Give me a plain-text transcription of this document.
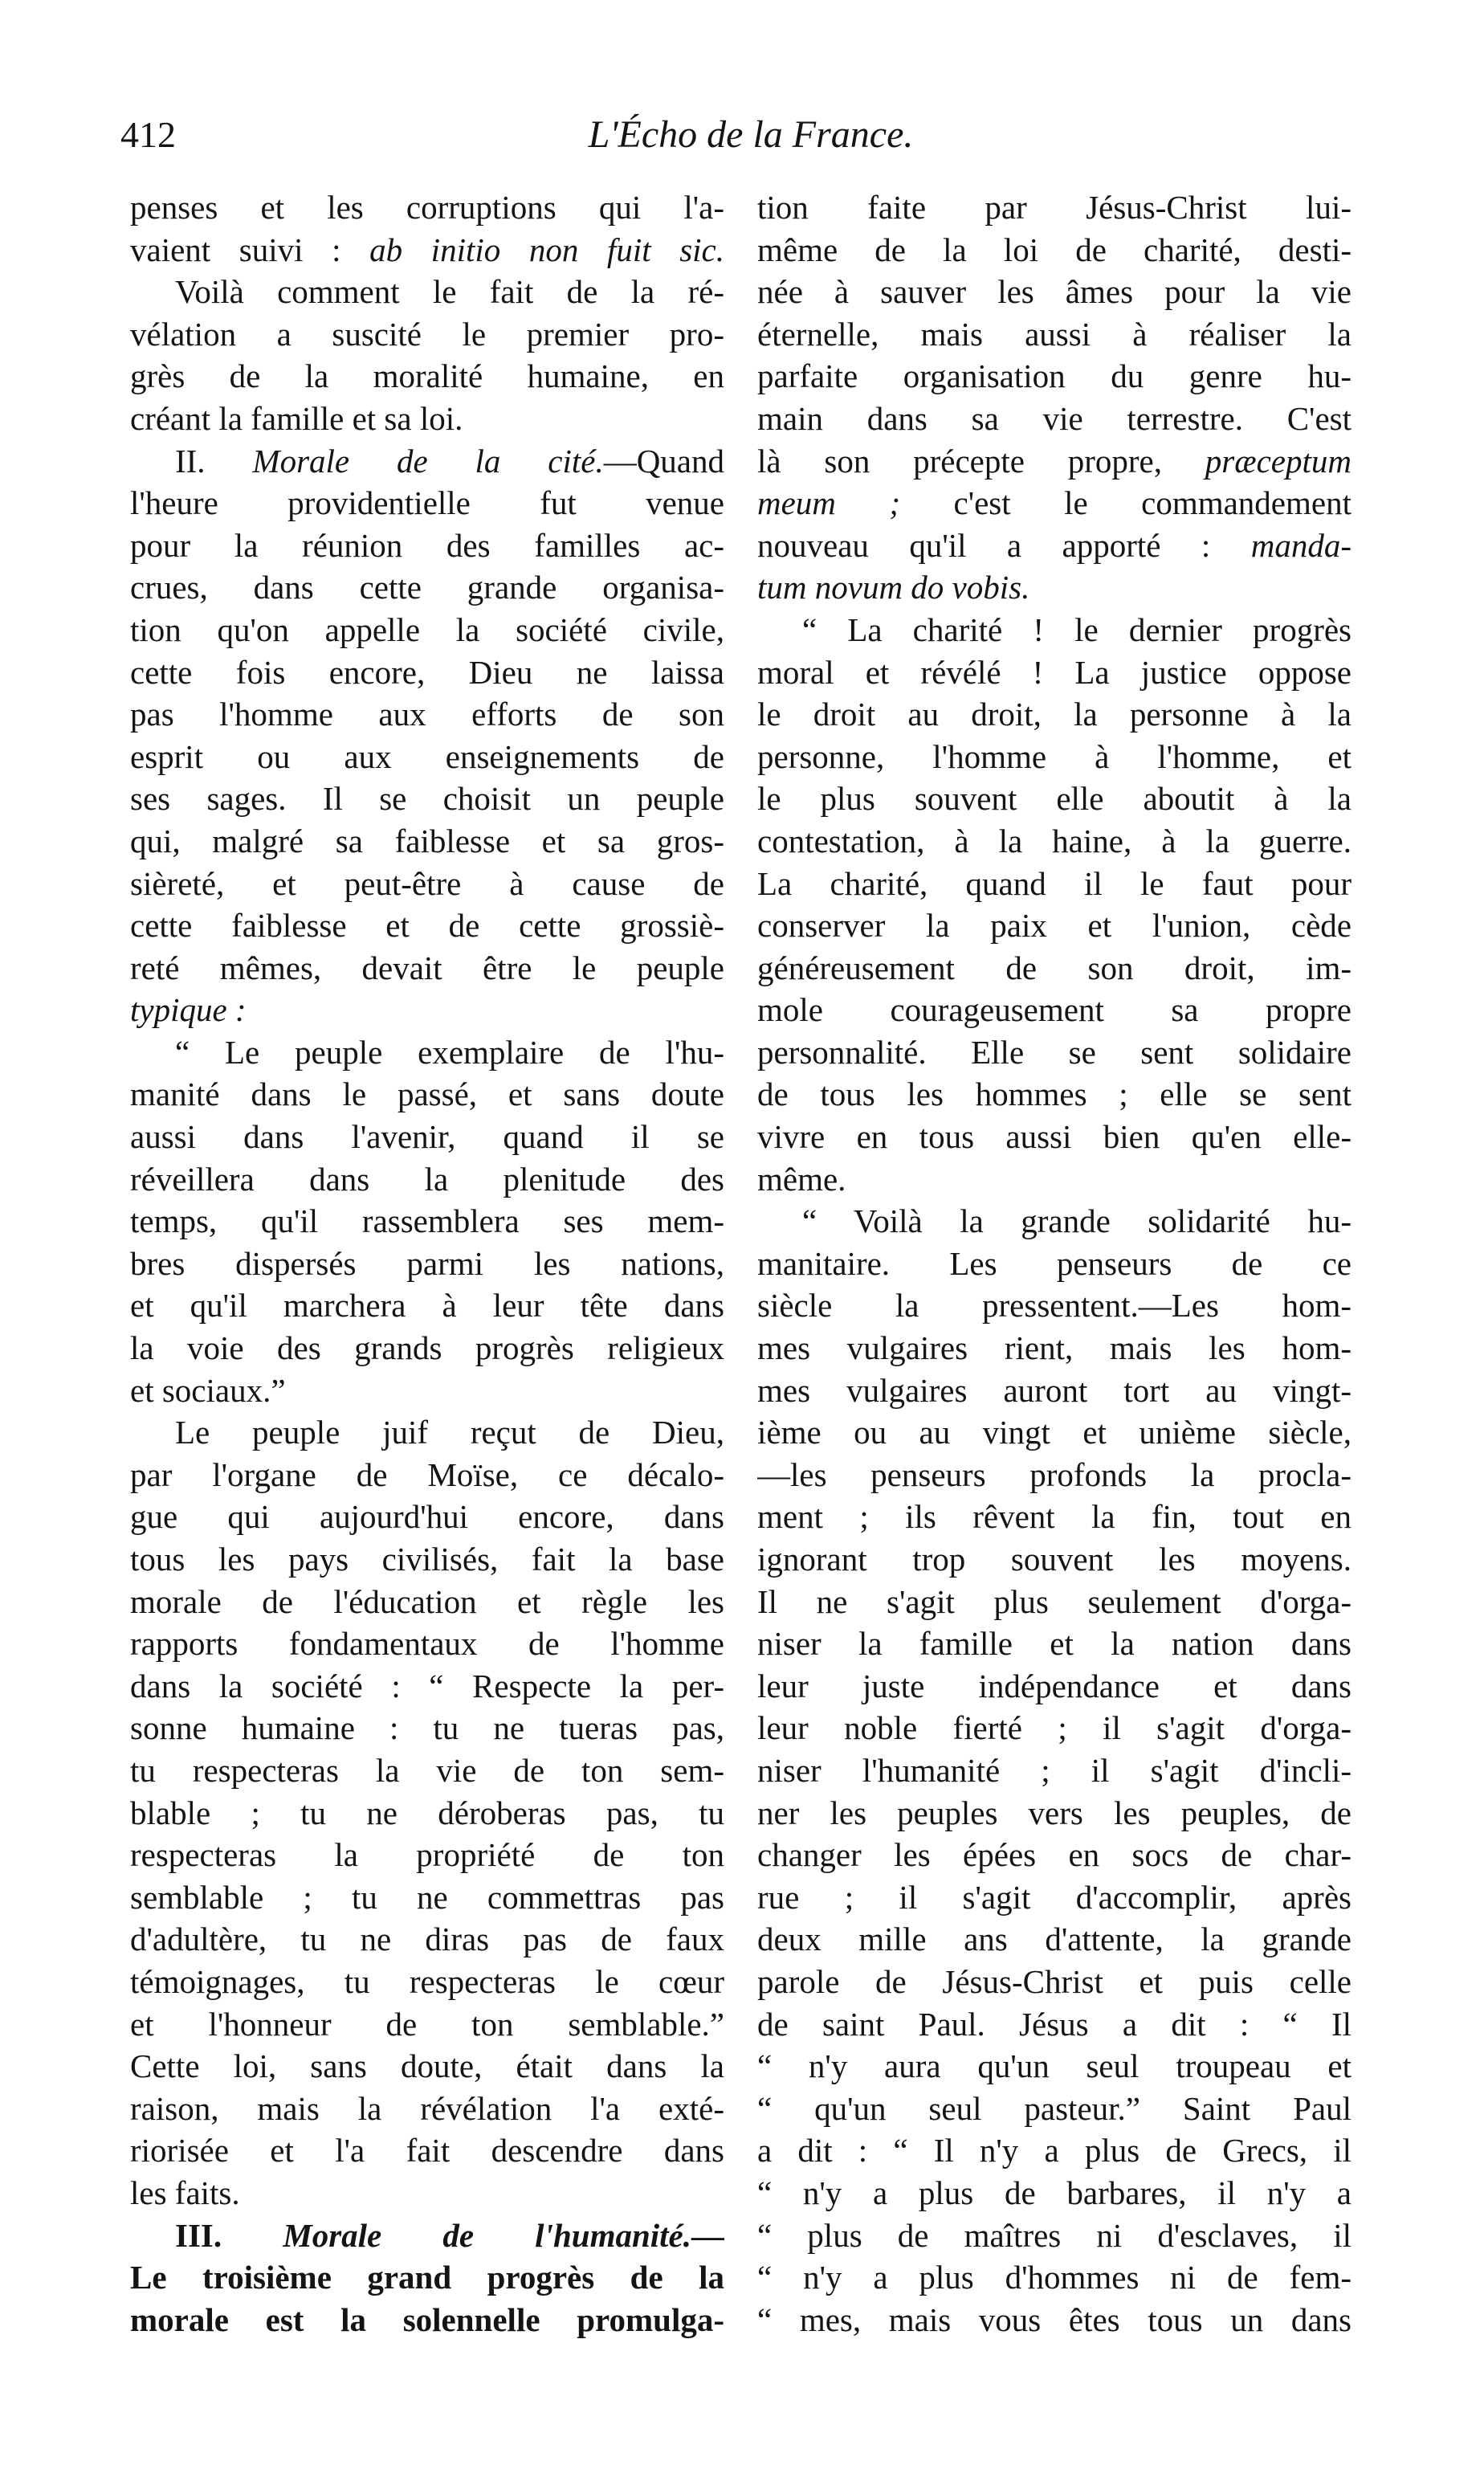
412	L'Écho de la France.
penses et les corruptions qui l'a-
vaient suivi : ab initio non fuit sic.
Voilà comment le fait de la ré-
vélation a suscité le premier pro-
grès de la moralité humaine, en
créant la famille et sa loi.
II. Morale de la cité.—Quand
l'heure providentielle fut venue
pour la réunion des familles ac-
crues, dans cette grande organisa-
tion qu'on appelle la société civile,
cette fois encore, Dieu ne laissa
pas l'homme aux efforts de son
esprit ou aux enseignements de
ses sages. Il se choisit un peuple
qui, malgré sa faiblesse et sa gros-
sièreté, et peut-être à cause de
cette faiblesse et de cette grossiè-
reté mêmes, devait être le peuple
typique :
“ Le peuple exemplaire de l'hu-
manité dans le passé, et sans doute
aussi dans l'avenir, quand il se
réveillera dans la plenitude des
temps, qu'il rassemblera ses mem-
bres dispersés parmi les nations,
et qu'il marchera à leur tête dans
la voie des grands progrès religieux
et sociaux.”
Le peuple juif reçut de Dieu,
par l'organe de Moïse, ce décalo-
gue qui aujourd'hui encore, dans
tous les pays civilisés, fait la base
morale de l'éducation et règle les
rapports fondamentaux de l'homme
dans la société : “ Respecte la per-
sonne humaine : tu ne tueras pas,
tu respecteras la vie de ton sem-
blable ; tu ne déroberas pas, tu
respecteras la propriété de ton
semblable ; tu ne commettras pas
d'adultère, tu ne diras pas de faux
témoignages, tu respecteras le cœur
et l'honneur de ton semblable.”
Cette loi, sans doute, était dans la
raison, mais la révélation l'a exté-
riorisée et l'a fait descendre dans
les faits.
III. Morale de l'humanité.—
Le troisième grand progrès de la
morale est la solennelle promulga-
tion faite par Jésus-Christ lui-
même de la loi de charité, desti-
née à sauver les âmes pour la vie
éternelle, mais aussi à réaliser la
parfaite organisation du genre hu-
main dans sa vie terrestre. C'est
là son précepte propre, præceptum
meum ; c'est le commandement
nouveau qu'il a apporté : manda-
tum novum do vobis.
“ La charité ! le dernier progrès
moral et révélé ! La justice oppose
le droit au droit, la personne à la
personne, l'homme à l'homme, et
le plus souvent elle aboutit à la
contestation, à la haine, à la guerre.
La charité, quand il le faut pour
conserver la paix et l'union, cède
généreusement de son droit, im-
mole courageusement sa propre
personnalité. Elle se sent solidaire
de tous les hommes ; elle se sent
vivre en tous aussi bien qu'en elle-
même.
“ Voilà la grande solidarité hu-
manitaire. Les penseurs de ce
siècle la pressentent.—Les hom-
mes vulgaires rient, mais les hom-
mes vulgaires auront tort au vingt-
ième ou au vingt et unième siècle,
—les penseurs profonds la procla-
ment ; ils rêvent la fin, tout en
ignorant trop souvent les moyens.
Il ne s'agit plus seulement d'orga-
niser la famille et la nation dans
leur juste indépendance et dans
leur noble fierté ; il s'agit d'orga-
niser l'humanité ; il s'agit d'incli-
ner les peuples vers les peuples, de
changer les épées en socs de char-
rue ; il s'agit d'accomplir, après
deux mille ans d'attente, la grande
parole de Jésus-Christ et puis celle
de saint Paul. Jésus a dit : “ Il
“ n'y aura qu'un seul troupeau et
“ qu'un seul pasteur.” Saint Paul
a dit : “ Il n'y a plus de Grecs, il
“ n'y a plus de barbares, il n'y a
“ plus de maîtres ni d'esclaves, il
“ n'y a plus d'hommes ni de fem-
“ mes, mais vous êtes tous un dans
